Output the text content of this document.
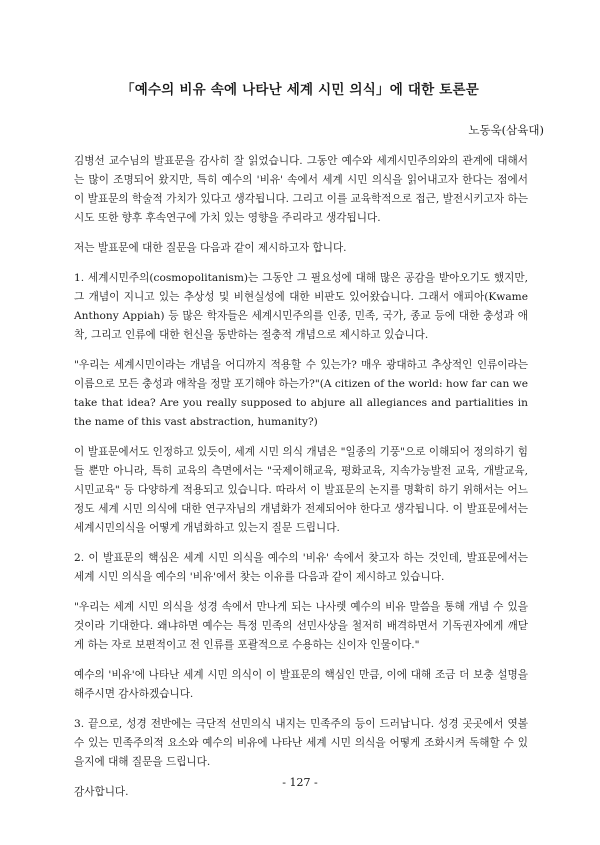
「예수의 비유 속에 나타난 세계 시민 의식」에 대한 토론문
노동욱(삼육대)

김병선 교수님의 발표문을 감사히 잘 읽었습니다. 그동안 예수와 세계시민주의와의 관계에 대해서는 많이 조명되어 왔지만, 특히 예수의 '비유' 속에서 세계 시민 의식을 읽어내고자 한다는 점에서 이 발표문의 학술적 가치가 있다고 생각됩니다. 그리고 이를 교육학적으로 접근, 발전시키고자 하는 시도 또한 향후 후속연구에 가치 있는 영향을 주리라고 생각됩니다.

저는 발표문에 대한 질문을 다음과 같이 제시하고자 합니다.

1. 세계시민주의(cosmopolitanism)는 그동안 그 필요성에 대해 많은 공감을 받아오기도 했지만, 그 개념이 지니고 있는 추상성 및 비현실성에 대한 비판도 있어왔습니다. 그래서 애피아(Kwame Anthony Appiah) 등 많은 학자들은 세계시민주의를 인종, 민족, 국가, 종교 등에 대한 충성과 애착, 그리고 인류에 대한 헌신을 동반하는 절충적 개념으로 제시하고 있습니다.

"우리는 세계시민이라는 개념을 어디까지 적용할 수 있는가? 매우 광대하고 추상적인 인류이라는 이름으로 모든 충성과 애착을 정말 포기해야 하는가?"(A citizen of the world: how far can we take that idea? Are you really supposed to abjure all allegiances and partialities in the name of this vast abstraction, humanity?)

이 발표문에서도 인정하고 있듯이, 세계 시민 의식 개념은 "일종의 기풍"으로 이해되어 정의하기 힘들 뿐만 아니라, 특히 교육의 측면에서는 "국제이해교육, 평화교육, 지속가능발전 교육, 개발교육, 시민교육" 등 다양하게 적용되고 있습니다. 따라서 이 발표문의 논지를 명확히 하기 위해서는 어느 정도 세계 시민 의식에 대한 연구자님의 개념화가 전제되어야 한다고 생각됩니다. 이 발표문에서는 세계시민의식을 어떻게 개념화하고 있는지 질문 드립니다.

2. 이 발표문의 핵심은 세계 시민 의식을 예수의 '비유' 속에서 찾고자 하는 것인데, 발표문에서는 세계 시민 의식을 예수의 '비유'에서 찾는 이유를 다음과 같이 제시하고 있습니다.

"우리는 세계 시민 의식을 성경 속에서 만나게 되는 나사렛 예수의 비유 말씀을 통해 개념 수 있을 것이라 기대한다. 왜냐하면 예수는 특정 민족의 선민사상을 철저히 배격하면서 기독권자에게 깨닫게 하는 자로 보편적이고 전 인류를 포괄적으로 수용하는 신이자 인물이다."

예수의 '비유'에 나타난 세계 시민 의식이 이 발표문의 핵심인 만큼, 이에 대해 조금 더 보충 설명을 해주시면 감사하겠습니다.

3. 끝으로, 성경 전반에는 극단적 선민의식 내지는 민족주의 등이 드러납니다. 성경 곳곳에서 엿볼 수 있는 민족주의적 요소와 예수의 비유에 나타난 세계 시민 의식을 어떻게 조화시켜 독해할 수 있을지에 대해 질문을 드립니다.

감사합니다.

- 127 -
